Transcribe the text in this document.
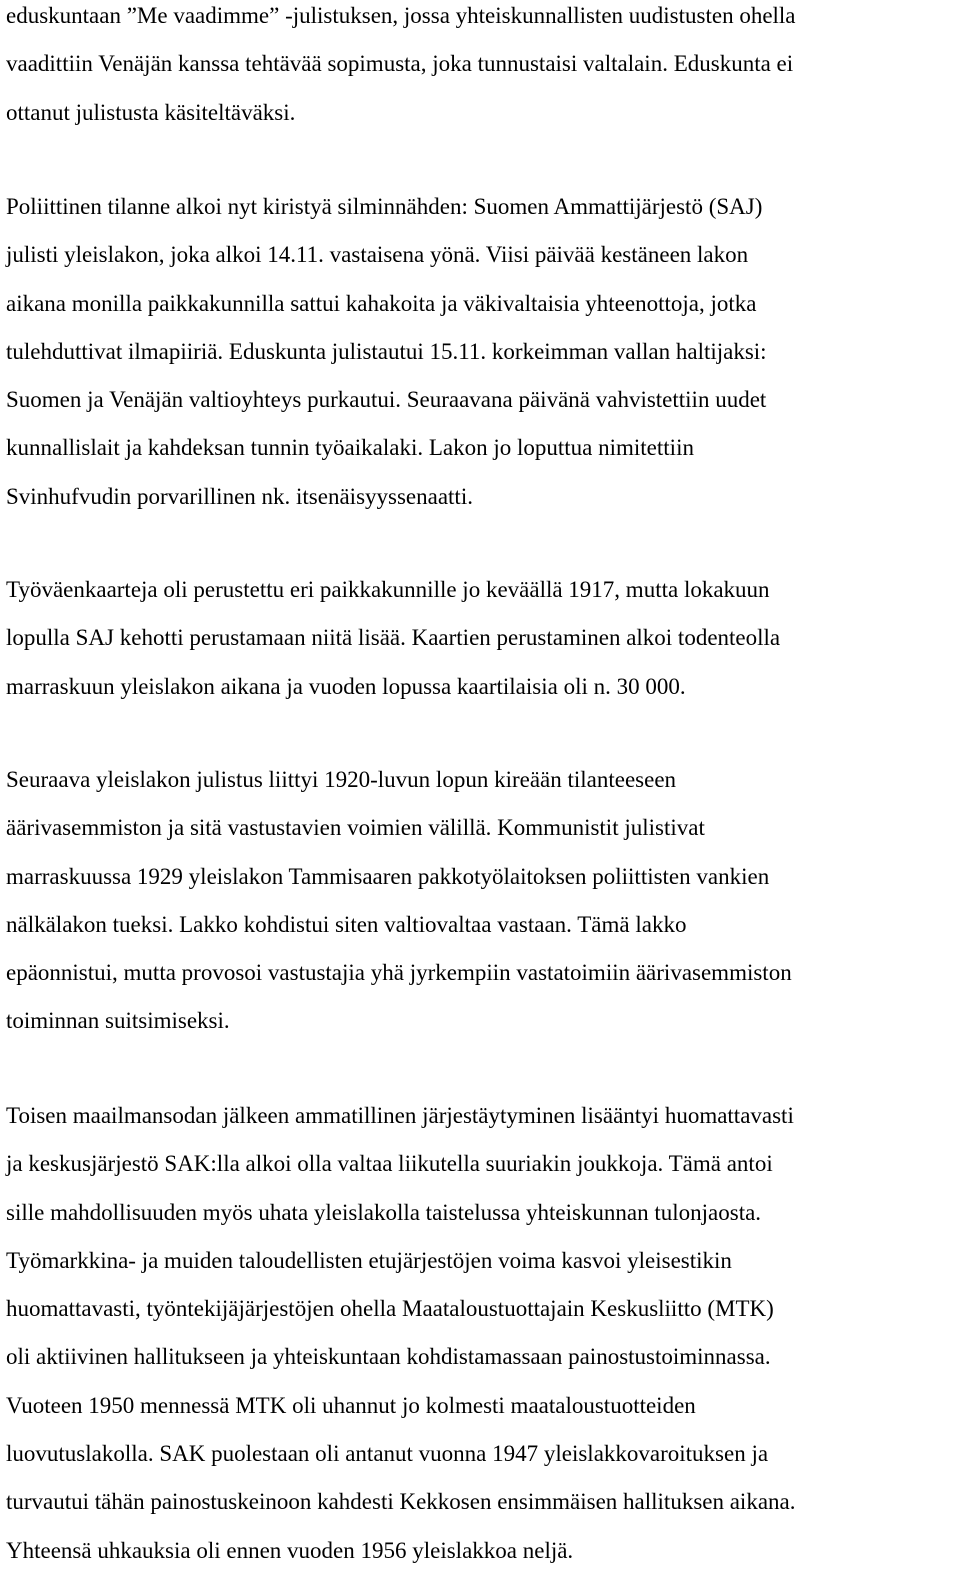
eduskuntaan ”Me vaadimme” -julistuksen, jossa yhteiskunnallisten uudistusten ohella
vaadittiin Venäjän kanssa tehtävää sopimusta, joka tunnustaisi valtalain. Eduskunta ei
ottanut julistusta käsiteltäväksi.

Poliittinen tilanne alkoi nyt kiristyä silminnähden: Suomen Ammattijärjestö (SAJ)
julisti yleislakon, joka alkoi 14.11. vastaisena yönä. Viisi päivää kestäneen lakon
aikana monilla paikkakunnilla sattui kahakoita ja väkivaltaisia yhteenottoja, jotka
tulehduttivat ilmapiiriä. Eduskunta julistautui 15.11. korkeimman vallan haltijaksi:
Suomen ja Venäjän valtioyhteys purkautui. Seuraavana päivänä vahvistettiin uudet
kunnallislait ja kahdeksan tunnin työaikalaki. Lakon jo loputtua nimitettiin
Svinhufvudin porvarillinen nk. itsenäisyyssenaatti.

Työväenkaarteja oli perustettu eri paikkakunnille jo keväällä 1917, mutta lokakuun
lopulla SAJ kehotti perustamaan niitä lisää. Kaartien perustaminen alkoi todenteolla
marraskuun yleislakon aikana ja vuoden lopussa kaartilaisia oli n. 30 000.

Seuraava yleislakon julistus liittyi 1920-luvun lopun kireään tilanteeseen
äärivasemmiston ja sitä vastustavien voimien välillä. Kommunistit julistivat
marraskuussa 1929 yleislakon Tammisaaren pakkotyölaitoksen poliittisten vankien
nälkälakon tueksi. Lakko kohdistui siten valtiovaltaa vastaan. Tämä lakko
epäonnistui, mutta provosoi vastustajia yhä jyrkempiin vastatoimiin äärivasemmiston
toiminnan suitsimiseksi.

Toisen maailmansodan jälkeen ammatillinen järjestäytyminen lisääntyi huomattavasti
ja keskusjärjestö SAK:lla alkoi olla valtaa liikutella suuriakin joukkoja. Tämä antoi
sille mahdollisuuden myös uhata yleislakolla taistelussa yhteiskunnan tulonjaosta.
Työmarkkina- ja muiden taloudellisten etujärjestöjen voima kasvoi yleisestikin
huomattavasti, työntekijäjärjestöjen ohella Maataloustuottajain Keskusliitto (MTK)
oli aktiivinen hallitukseen ja yhteiskuntaan kohdistamassaan painostustoiminnassa.
Vuoteen 1950 mennessä MTK oli uhannut jo kolmesti maataloustuotteiden
luovutuslakolla. SAK puolestaan oli antanut vuonna 1947 yleislakkovaroituksen ja
turvautui tähän painostuskeinoon kahdesti Kekkosen ensimmäisen hallituksen aikana.
Yhteensä uhkauksia oli ennen vuoden 1956 yleislakkoa neljä.
